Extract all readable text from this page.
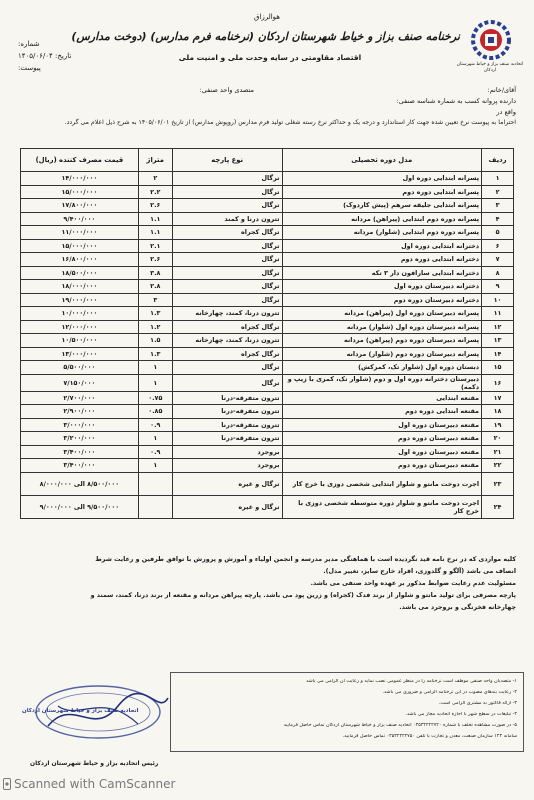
هوالرزاق
نرخنامه صنف بزاز و خیاط شهرستان اردکان (نرخنامه فرم مدارس) (دوخت مدارس)
اقتصاد مقاومتی در سایه وحدت ملی و امنیت ملی
شماره:
تاریخ: ۱۴۰۵/۰۶/۰۴
پیوست:	اتحادیه صنف بزاز و خیاط شهرستان اردکان
آقای/خانم:
دارنده پروانه کسب به شماره شناسه صنفی:
واقع در
متصدی واحد صنفی:
احتراما به پیوست نرخ تعیین شده جهت کار استاندارد و درجه یک و حداکثر نرخ رسته شغلی تولید فرم مدارس (روپوش مدارس) از تاریخ ۱۴۰۵/۰۶/۰۱ به شرح ذیل اعلام می گردد.
ردیف	مدل دوره تحصیلی	نوع پارچه	متراژ	قیمت مصرف کننده (ریال)
۱	پسرانه ابتدایی دوره اول	ترگال	۲	۱۴/۰۰۰/۰۰۰
۲	پسرانه ابتدایی دوره دوم	ترگال	۲.۲	۱۵/۰۰۰/۰۰۰
۳	پسرانه ابتدایی جلیقه سرهم (پیش کاردوک)	ترگال	۲.۶	۱۷/۸۰۰/۰۰۰
۴	پسرانه دوره دوم ابتدایی (پیراهن) مردانه	تترون درنا و کمند	۱.۱	۹/۴۰۰/۰۰۰
۵	پسرانه دوره دوم ابتدایی (شلوار) مردانه	ترگال کجراه	۱.۱	۱۱/۰۰۰/۰۰۰
۶	دخترانه ابتدایی دوره اول	ترگال	۲.۱	۱۵/۰۰۰/۰۰۰
۷	دخترانه ابتدایی دوره دوم	ترگال	۲.۶	۱۶/۸۰۰/۰۰۰
۸	دخترانه ابتدایی سارافون دار ۳ تکه	ترگال	۳.۸	۱۸/۵۰۰/۰۰۰
۹	دخترانه دبیرستان دوره اول	ترگال	۲.۸	۱۸/۰۰۰/۰۰۰
۱۰	دخترانه دبیرستان دوره دوم	ترگال	۳	۱۹/۰۰۰/۰۰۰
۱۱	پسرانه دبیرستان دوره اول (پیراهن) مردانه	تترون درنا، کمند، چهارخانه	۱.۳	۱۰/۰۰۰/۰۰۰
۱۲	پسرانه دبیرستان دوره اول (شلوار) مردانه	ترگال کجراه	۱.۲	۱۲/۰۰۰/۰۰۰
۱۳	پسرانه دبیرستان دوره دوم (پیراهن) مردانه	تترون درنا، کمند، چهارخانه	۱.۵	۱۰/۵۰۰/۰۰۰
۱۴	پسرانه دبیرستان دوره دوم (شلوار) مردانه	ترگال کجراه	۱.۳	۱۳/۰۰۰/۰۰۰
۱۵	دبستان دوره اول (شلوار تک، کمرکش)	ترگال	۱	۵/۵۰۰/۰۰۰
۱۶	دبیرستان دخترانه دوره اول و دوم (شلوار تک، کمری با زیپ و دکمه)	ترگال	۱	۷/۱۵۰/۰۰۰
۱۷	مقنعه ابتدایی	تترون متفرقه-درنا	۰.۷۵	۲/۷۰۰/۰۰۰
۱۸	مقنعه ابتدایی دوره دوم	تترون متفرقه-درنا	۰.۸۵	۲/۹۰۰/۰۰۰
۱۹	مقنعه دبیرستان دوره اول	تترون متفرقه-درنا	۰.۹	۳/۰۰۰/۰۰۰
۲۰	مقنعه دبیرستان دوره دوم	تترون متفرقه-درنا	۱	۳/۲۰۰/۰۰۰
۲۱	مقنعه دبیرستان دوره اول	بروجرد	۰.۹	۳/۴۰۰/۰۰۰
۲۲	مقنعه دبیرستان دوره دوم	بروجرد	۱	۳/۴۰۰/۰۰۰
۲۳	اجرت دوخت مانتو و شلوار ابتدایی شخصی دوزی با خرج کار	ترگال و غیره		۸/۵۰۰/۰۰۰ الی ۸/۰۰۰/۰۰۰
۲۴	اجرت دوخت مانتو و شلوار دوره متوسطه شخصی دوزی با خرج کار	ترگال و غیره		۹/۵۰۰/۰۰۰ الی ۹/۰۰۰/۰۰۰
کلیه مواردی که در نرخ نامه قید نگردیده است با هماهنگی مدیر مدرسه و انجمن اولیاء و آموزش و پرورش با توافق طرفین و رعایت شرط
انصاف می باشد (آلگو و گلدوزی، افراد خارج سایز، تغییر مدل).
مسئولیت عدم رعایت ضوابط مذکور بر عهده واحد صنفی می باشد.
پارچه مصرفی برای تولید مانتو و شلوار از برند فدک (کجراه) و زرین پود می باشد. پارچه پیراهن مردانه و مقنعه از برند درنا، کمند، سمند و
چهارخانه فخرنگی و بروجرد می باشد.
۱- متصدیان واحد صنفی موظف است نرخنامه را در منظر عمومی نصب نماید و رعایت آن الزامی می باشد
۲- رعایت بندهای مصوب در این نرخنامه الزامی و ضروری می باشد.
۳- ارائه فاکتور به مشتری الزامی است.
۴- تبلیغات در سطح شهر با اجازه اتحادیه مجاز می باشد.
۵- در صورت مشاهده تخلف با شماره ۰۳۵۳۲۲۲۲۷۲۰ اتحادیه صنف بزاز و خیاط شهرستان اردکان تماس حاصل فرمایید
سامانه ۱۲۴ سازمان صنعت، معدن و تجارت یا تلفن ۰۳۵۳۲۲۲۲۷۵۰ تماس حاصل فرمایید.
اتحادیه صنف بزاز و خیاط شهرستان اردکان
رئیس اتحادیه بزاز و خیاط شهرستان اردکان
Scanned with CamScanner
